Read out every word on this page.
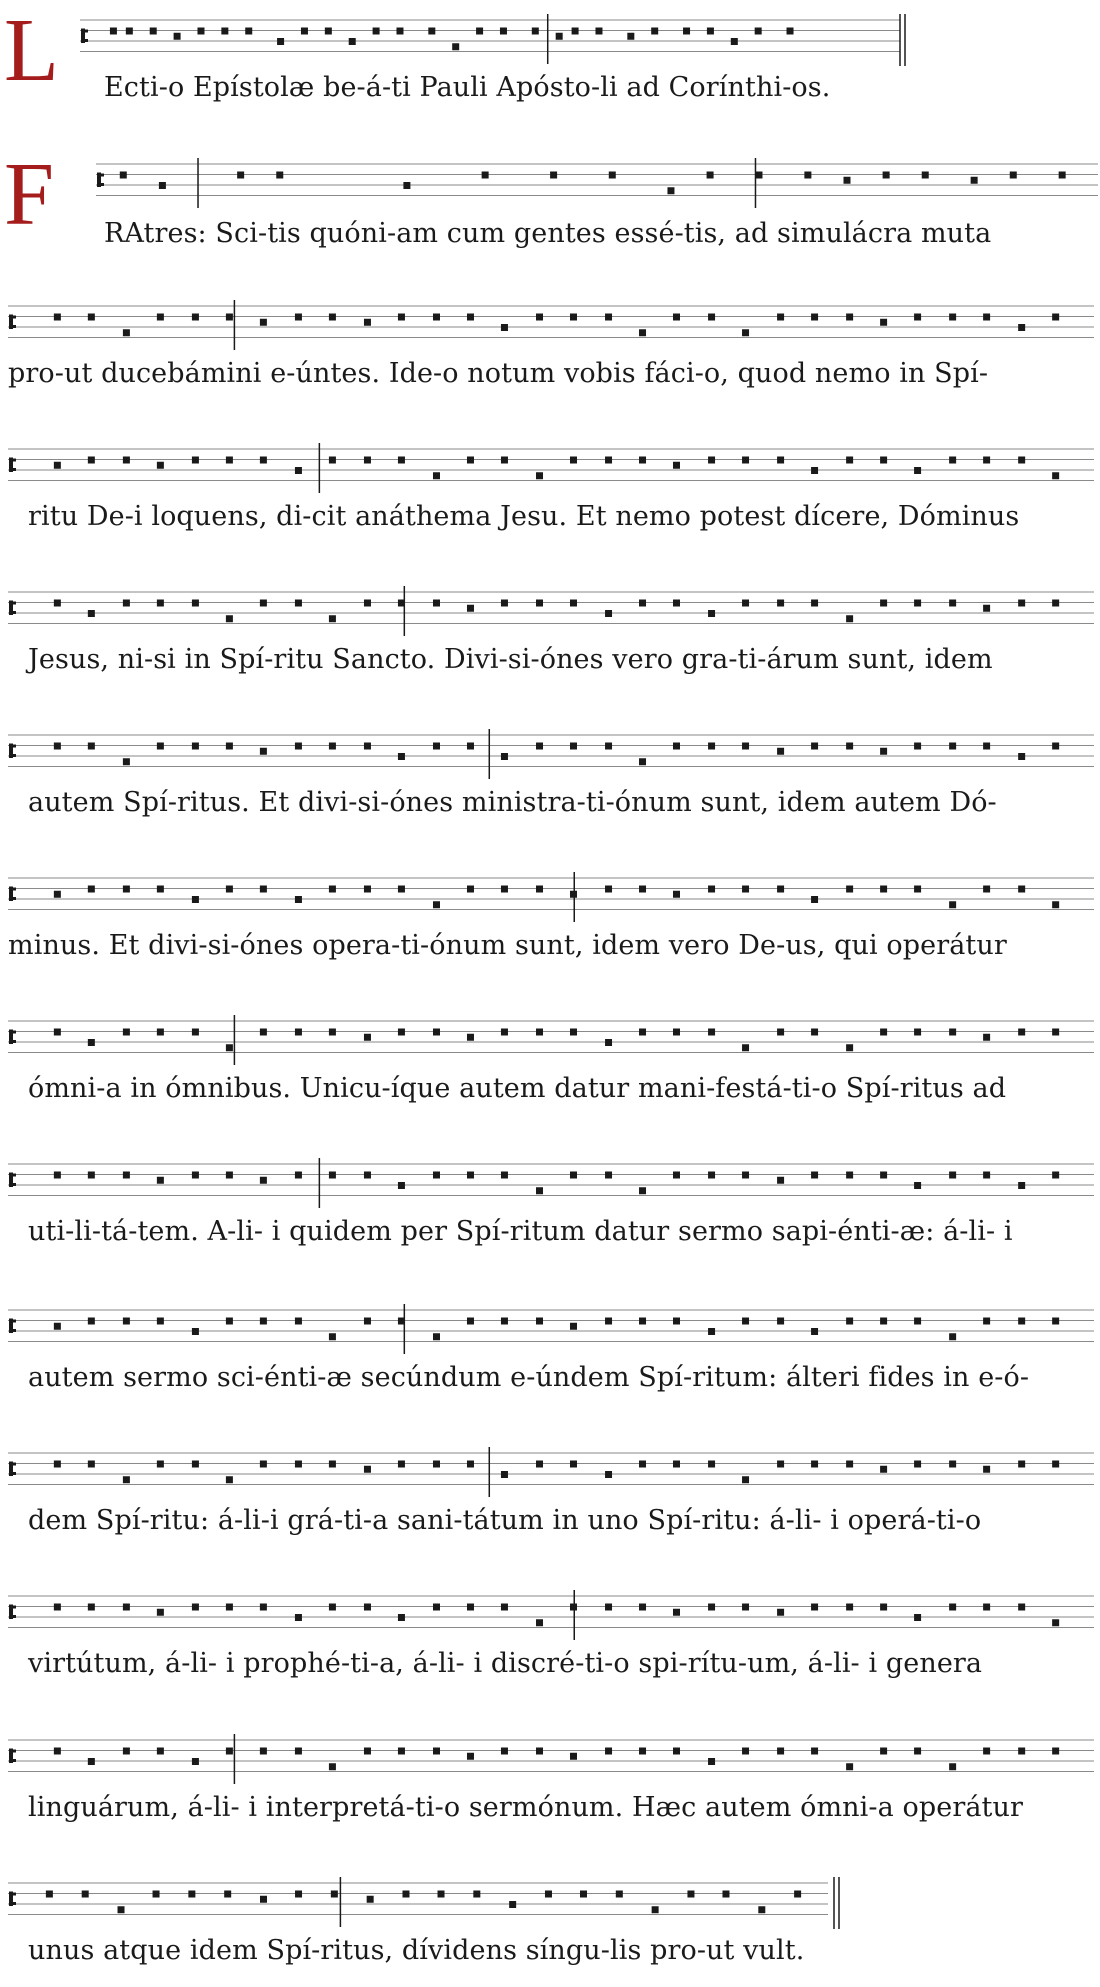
L
F
Ecti-o Epístolæ be-á-ti Pauli Apósto-li ad Corínthi-os.
RAtres: Sci-tis quóni-am cum gentes essé-tis, ad simulácra muta
pro-ut ducebámini e-úntes. Ide-o notum vobis fáci-o, quod nemo in Spí-
ritu De-i loquens, di-cit anáthema Jesu. Et nemo potest dícere, Dóminus
Jesus, ni-si in Spí-ritu Sancto. Divi-si-ónes vero gra-ti-árum sunt, idem
autem Spí-ritus. Et divi-si-ónes ministra-ti-ónum sunt, idem autem Dó-
minus. Et divi-si-ónes opera-ti-ónum sunt, idem vero De-us, qui operátur
ómni-a in ómnibus. Unicu-íque autem datur mani-festá-ti-o Spí-ritus ad
uti-li-tá-tem. A-li- i quidem per Spí-ritum datur sermo sapi-énti-æ: á-li- i
autem sermo sci-énti-æ secúndum e-úndem Spí-ritum: álteri fides in e-ó-
dem Spí-ritu: á-li-i grá-ti-a sani-tátum in uno Spí-ritu: á-li- i operá-ti-o
virtútum, á-li- i prophé-ti-a, á-li- i discré-ti-o spi-rítu-um, á-li- i genera
linguárum, á-li- i interpretá-ti-o sermónum. Hæc autem ómni-a operátur
unus atque idem Spí-ritus, dívidens síngu-lis pro-ut vult.
